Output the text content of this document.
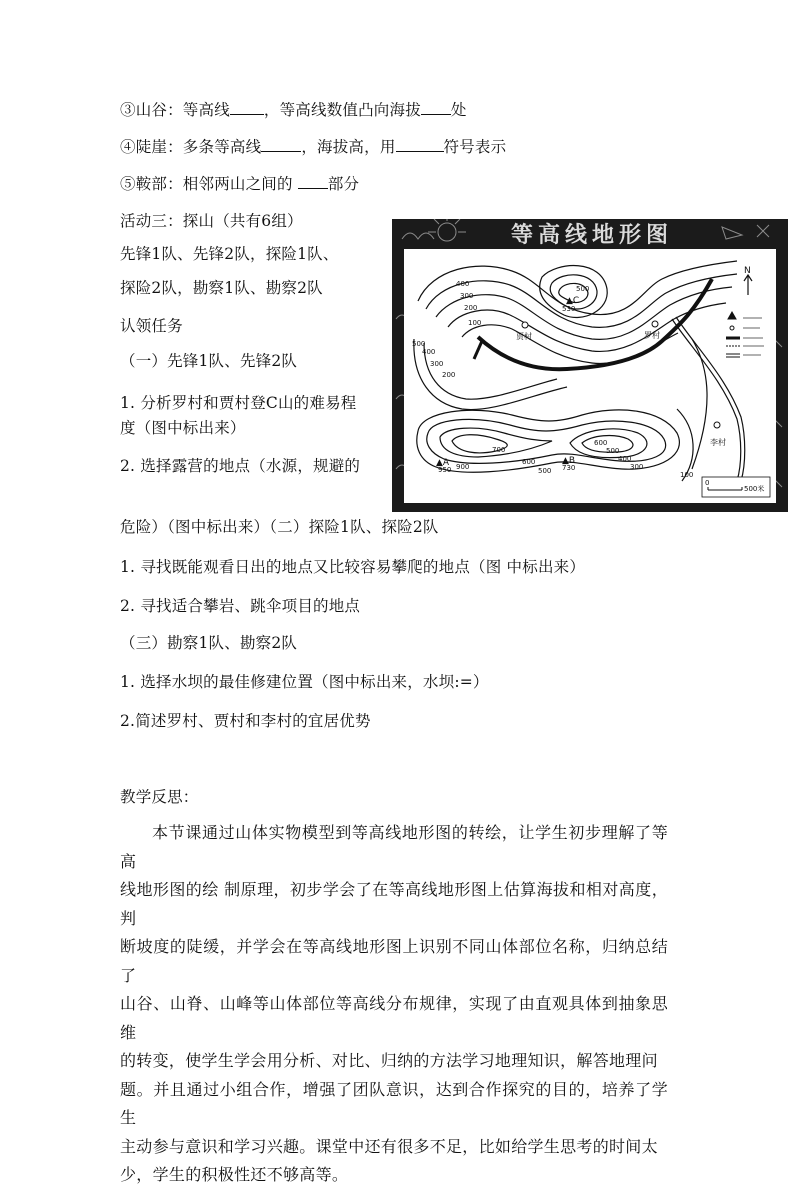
③山谷：等高线 ，等高线数值凸向海拔 处
④陡崖：多条等高线	，海拔高，用	符号表示
⑤鞍部：相邻两山之间的 部分
活动三：探山（共有6组）
先锋1队、先锋2队，探险1队、
探险2队，勘察1队、勘察2队
认领任务
（一）先锋1队、先锋2队
1. 分析罗村和贾村登C山的难易程
度（图中标出来）
2. 选择露营的地点（水源，规避的
危险）（图中标出来）（二）探险1队、探险2队
1. 寻找既能观看日出的地点又比较容易攀爬的地点（图 中标出来）
2. 寻找适合攀岩、跳伞项目的地点
（三）勘察1队、勘察2队
1. 选择水坝的最佳修建位置（图中标出来，水坝:=）
2.简述罗村、贾村和李村的宜居优势
教学反思：
本节课通过山体实物模型到等高线地形图的转绘，让学生初步理解了等高
线地形图的绘 制原理，初步学会了在等高线地形图上估算海拔和相对高度，判
断坡度的陡缓，并学会在等高线地形图上识别不同山体部位名称，归纳总结了
山谷、山脊、山峰等山体部位等高线分布规律，实现了由直观具体到抽象思维
的转变，使学生学会用分析、对比、归纳的方法学习地理知识，解答地理问
题。并且通过小组合作，增强了团队意识，达到合作探究的目的，培养了学生
主动参与意识和学习兴趣。课堂中还有很多不足，比如给学生思考的时间太
少，学生的积极性还不够高等。
等高线地形图
贾村	罗村
李村
▲C
530
▲A
950 900
▲B
730
400
300
200
100
500
500
400
300
200
700
600
500
600
500
400
300
100
N
0
500米
